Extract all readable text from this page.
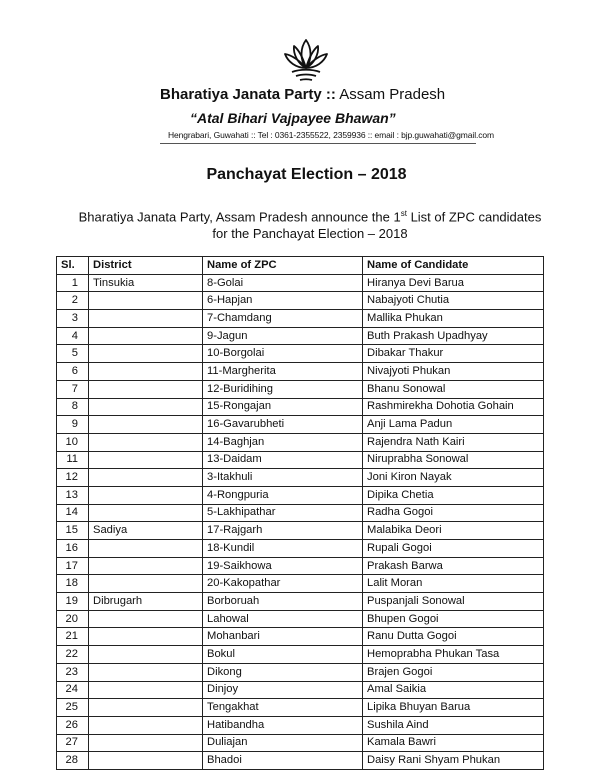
Bharatiya Janata Party :: Assam Pradesh
“Atal Bihari Vajpayee Bhawan”
Hengrabari, Guwahati :: Tel : 0361-2355522, 2359936 :: email : bjp.guwahati@gmail.com
Panchayat Election – 2018
Bharatiya Janata Party, Assam Pradesh announce the 1st List of ZPC candidates
for the Panchayat Election – 2018
Sl.	District	Name of ZPC	Name of Candidate
1	Tinsukia	8-Golai	Hiranya Devi Barua
2		6-Hapjan	Nabajyoti Chutia
3		7-Chamdang	Mallika Phukan
4		9-Jagun	Buth Prakash Upadhyay
5		10-Borgolai	Dibakar Thakur
6		11-Margherita	Nivajyoti Phukan
7		12-Buridihing	Bhanu Sonowal
8		15-Rongajan	Rashmirekha Dohotia Gohain
9		16-Gavarubheti	Anji Lama Padun
10		14-Baghjan	Rajendra Nath Kairi
11		13-Daidam	Niruprabha Sonowal
12		3-Itakhuli	Joni Kiron Nayak
13		4-Rongpuria	Dipika Chetia
14		5-Lakhipathar	Radha Gogoi
15	Sadiya	17-Rajgarh	Malabika Deori
16		18-Kundil	Rupali Gogoi
17		19-Saikhowa	Prakash Barwa
18		20-Kakopathar	Lalit Moran
19	Dibrugarh	Borboruah	Puspanjali Sonowal
20		Lahowal	Bhupen Gogoi
21		Mohanbari	Ranu Dutta Gogoi
22		Bokul	Hemoprabha Phukan Tasa
23		Dikong	Brajen Gogoi
24		Dinjoy	Amal Saikia
25		Tengakhat	Lipika Bhuyan Barua
26		Hatibandha	Sushila Aind
27		Duliajan	Kamala Bawri
28		Bhadoi	Daisy Rani Shyam Phukan
